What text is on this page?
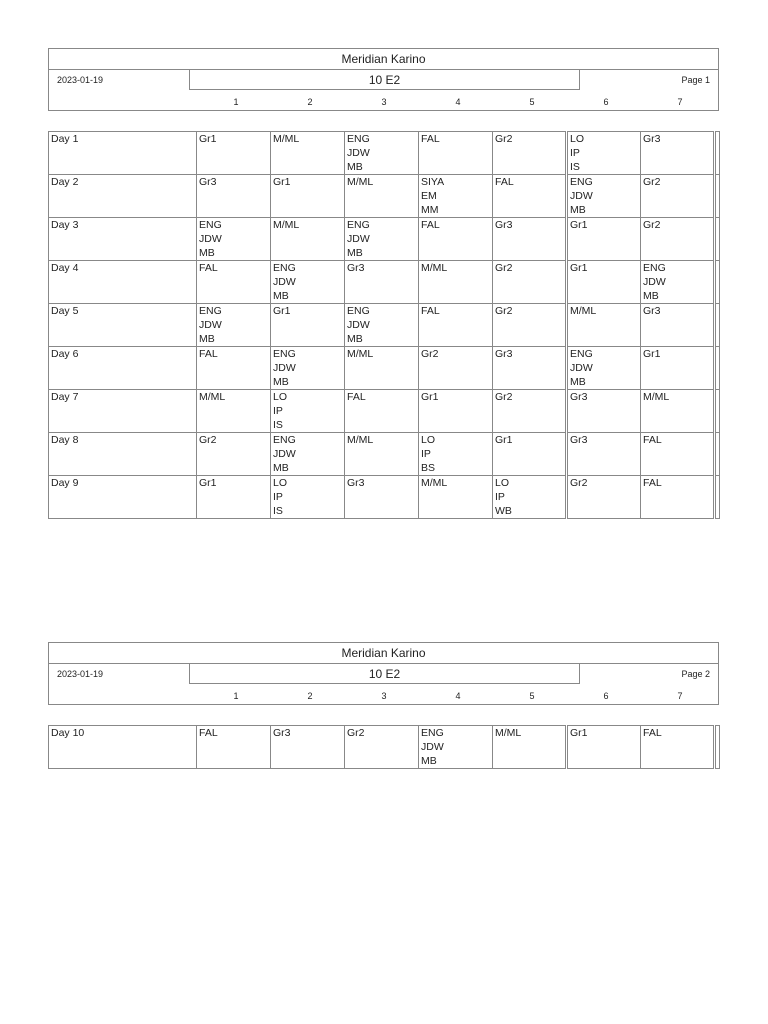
Meridian Karino
2023-01-19	10 E2	Page 1
1	2	3	4	5	6	7
Day 1	Gr1	M/ML	ENG
JDW
MB	FAL	Gr2	LO
IP
IS	Gr3	
Day 2	Gr3	Gr1	M/ML	SIYA
EM
MM	FAL	ENG
JDW
MB	Gr2	
Day 3	ENG
JDW
MB	M/ML	ENG
JDW
MB	FAL	Gr3	Gr1	Gr2	
Day 4	FAL	ENG
JDW
MB	Gr3	M/ML	Gr2	Gr1	ENG
JDW
MB	
Day 5	ENG
JDW
MB	Gr1	ENG
JDW
MB	FAL	Gr2	M/ML	Gr3	
Day 6	FAL	ENG
JDW
MB	M/ML	Gr2	Gr3	ENG
JDW
MB	Gr1	
Day 7	M/ML	LO
IP
IS	FAL	Gr1	Gr2	Gr3	M/ML	
Day 8	Gr2	ENG
JDW
MB	M/ML	LO
IP
BS	Gr1	Gr3	FAL	
Day 9	Gr1	LO
IP
IS	Gr3	M/ML	LO
IP
WB	Gr2	FAL	
Meridian Karino
2023-01-19	10 E2	Page 2
1	2	3	4	5	6	7
Day 10	FAL	Gr3	Gr2	ENG
JDW
MB	M/ML	Gr1	FAL	
